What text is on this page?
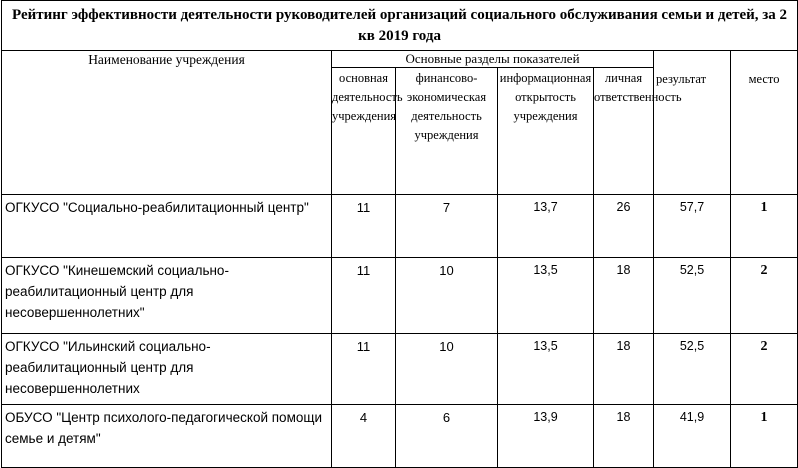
Рейтинг эффективности деятельности руководителей организаций социального обслуживания семьи и детей, за 2 кв 2019 года						
Наименование учреждения	Основные разделы показателей					
	основная деятельность учреждения	финансово-экономическая деятельность учреждения	информационная открытость учреждения	личная ответственность	результат	место
ОГКУСО "Социально-реабилитационный центр"	11	7	13,7	26	57,7	1
ОГКУСО "Кинешемский социально-реабилитационный центр для несовершеннолетних"	11	10	13,5	18	52,5	2
ОГКУСО "Ильинский социально-реабилитационный центр для несовершеннолетних	11	10	13,5	18	52,5	2
ОБУСО "Центр психолого-педагогической помощи семье и детям"	4	6	13,9	18	41,9	1
